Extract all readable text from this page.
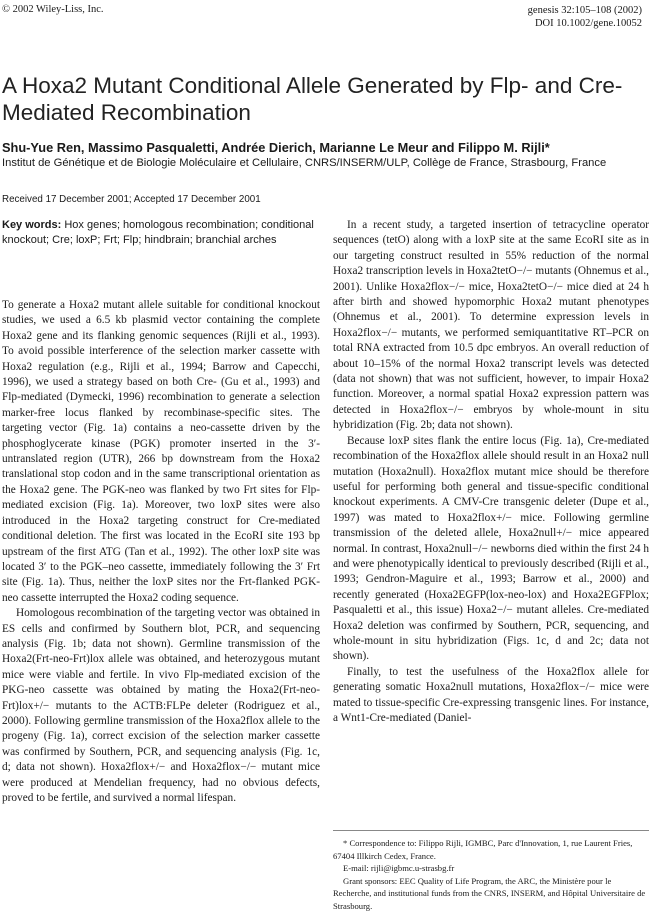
© 2002 Wiley-Liss, Inc.	genesis 32:105–108 (2002)
DOI 10.1002/gene.10052
A Hoxa2 Mutant Conditional Allele Generated by Flp- and Cre-Mediated Recombination
Shu-Yue Ren, Massimo Pasqualetti, Andrée Dierich, Marianne Le Meur and Filippo M. Rijli*
Institut de Génétique et de Biologie Moléculaire et Cellulaire, CNRS/INSERM/ULP, Collège de France, Strasbourg, France
Received 17 December 2001; Accepted 17 December 2001
Key words: Hox genes; homologous recombination; conditional knockout; Cre; loxP; Frt; Flp; hindbrain; branchial arches

To generate a Hoxa2 mutant allele suitable for conditional knockout studies, we used a 6.5 kb plasmid vector containing the complete Hoxa2 gene and its flanking genomic sequences (Rijli et al., 1993). To avoid possible interference of the selection marker cassette with Hoxa2 regulation (e.g., Rijli et al., 1994; Barrow and Capecchi, 1996), we used a strategy based on both Cre- (Gu et al., 1993) and Flp-mediated (Dymecki, 1996) recombination to generate a selection marker-free locus flanked by recombinase-specific sites. The targeting vector (Fig. 1a) contains a neo-cassette driven by the phosphoglycerate kinase (PGK) promoter inserted in the 3′-untranslated region (UTR), 266 bp downstream from the Hoxa2 translational stop codon and in the same transcriptional orientation as the Hoxa2 gene. The PGK-neo was flanked by two Frt sites for Flp-mediated excision (Fig. 1a). Moreover, two loxP sites were also introduced in the Hoxa2 targeting construct for Cre-mediated conditional deletion. The first was located in the EcoRI site 193 bp upstream of the first ATG (Tan et al., 1992). The other loxP site was located 3′ to the PGK–neo cassette, immediately following the 3′ Frt site (Fig. 1a). Thus, neither the loxP sites nor the Frt-flanked PGK-neo cassette interrupted the Hoxa2 coding sequence.

Homologous recombination of the targeting vector was obtained in ES cells and confirmed by Southern blot, PCR, and sequencing analysis (Fig. 1b; data not shown). Germline transmission of the Hoxa2(Frt-neo-Frt)lox allele was obtained, and heterozygous mutant mice were viable and fertile. In vivo Flp-mediated excision of the PKG-neo cassette was obtained by mating the Hoxa2(Frt-neo-Frt)lox+/− mutants to the ACTB:FLPe deleter (Rodriguez et al., 2000). Following germline transmission of the Hoxa2flox allele to the progeny (Fig. 1a), correct excision of the selection marker cassette was confirmed by Southern, PCR, and sequencing analysis (Fig. 1c, d; data not shown). Hoxa2flox+/− and Hoxa2flox−/− mutant mice were produced at Mendelian frequency, had no obvious defects, proved to be fertile, and survived a normal lifespan.

In a recent study, a targeted insertion of tetracycline operator sequences (tetO) along with a loxP site at the same EcoRI site as in our targeting construct resulted in 55% reduction of the normal Hoxa2 transcription levels in Hoxa2tetO−/− mutants (Ohnemus et al., 2001). Unlike Hoxa2flox−/− mice, Hoxa2tetO−/− mice died at 24 h after birth and showed hypomorphic Hoxa2 mutant phenotypes (Ohnemus et al., 2001). To determine expression levels in Hoxa2flox−/− mutants, we performed semiquantitative RT–PCR on total RNA extracted from 10.5 dpc embryos. An overall reduction of about 10–15% of the normal Hoxa2 transcript levels was detected (data not shown) that was not sufficient, however, to impair Hoxa2 function. Moreover, a normal spatial Hoxa2 expression pattern was detected in Hoxa2flox−/− embryos by whole-mount in situ hybridization (Fig. 2b; data not shown).

Because loxP sites flank the entire locus (Fig. 1a), Cre-mediated recombination of the Hoxa2flox allele should result in an Hoxa2 null mutation (Hoxa2null). Hoxa2flox mutant mice should be therefore useful for performing both general and tissue-specific conditional knockout experiments. A CMV-Cre transgenic deleter (Dupe et al., 1997) was mated to Hoxa2flox+/− mice. Following germline transmission of the deleted allele, Hoxa2null+/− mice appeared normal. In contrast, Hoxa2null−/− newborns died within the first 24 h and were phenotypically identical to previously described (Rijli et al., 1993; Gendron-Maguire et al., 1993; Barrow et al., 2000) and recently generated (Hoxa2EGFP(lox-neo-lox) and Hoxa2EGFPlox; Pasqualetti et al., this issue) Hoxa2−/− mutant alleles. Cre-mediated Hoxa2 deletion was confirmed by Southern, PCR, sequencing, and whole-mount in situ hybridization (Figs. 1c, d and 2c; data not shown).

Finally, to test the usefulness of the Hoxa2flox allele for generating somatic Hoxa2null mutations, Hoxa2flox−/− mice were mated to tissue-specific Cre-expressing transgenic lines. For instance, a Wnt1-Cre-mediated (Daniel-

* Correspondence to: Filippo Rijli, IGMBC, Parc d'Innovation, 1, rue Laurent Fries, 67404 Illkirch Cedex, France.

E-mail: rijli@igbmc.u-strasbg.fr

Grant sponsors: EEC Quality of Life Program, the ARC, the Ministère pour le Recherche, and institutional funds from the CNRS, INSERM, and Hôpital Universitaire de Strasbourg.
